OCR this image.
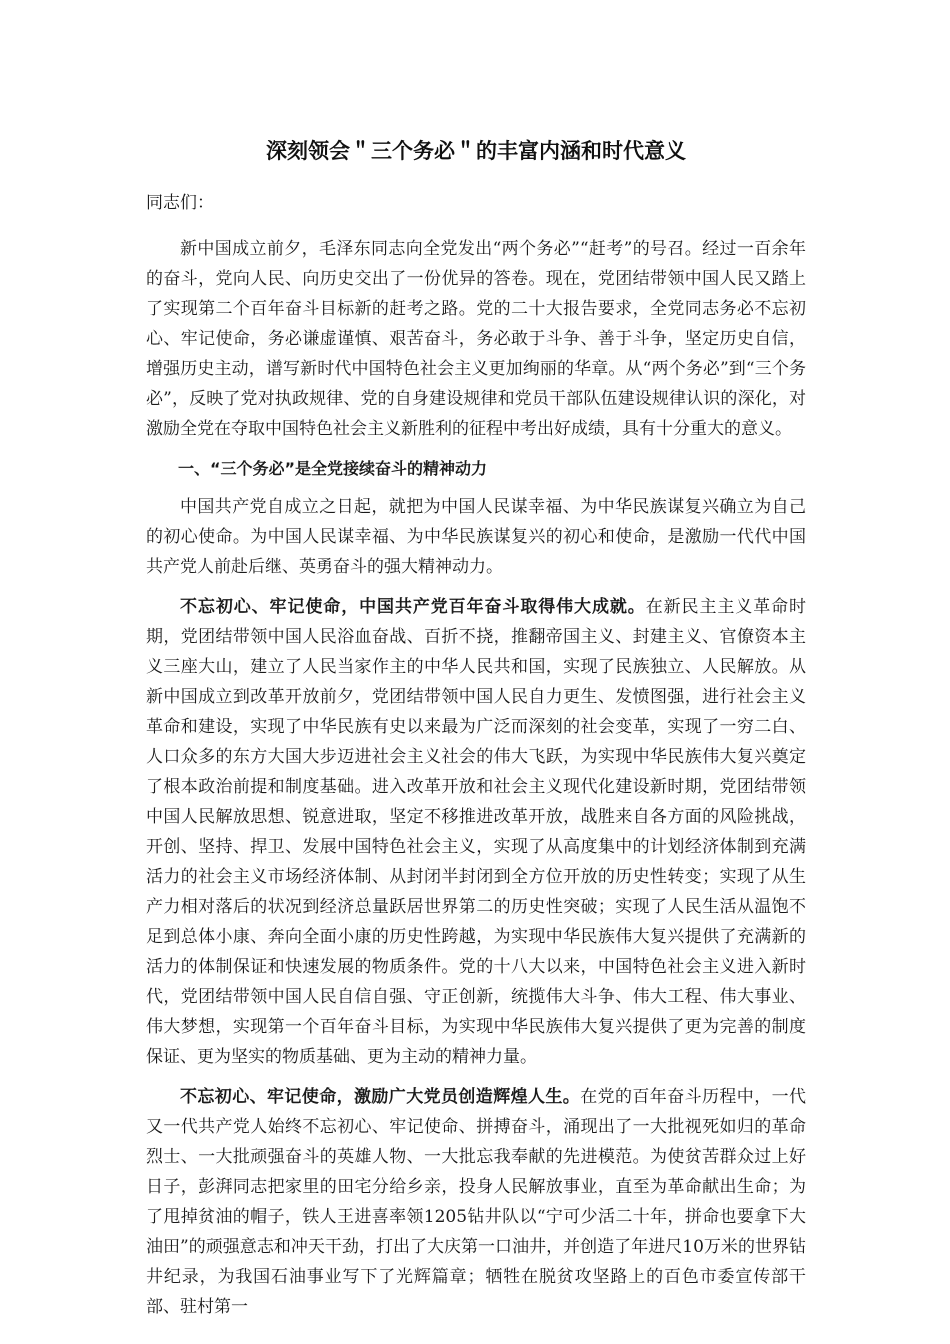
深刻领会＂三个务必＂的丰富内涵和时代意义
同志们：

新中国成立前夕，毛泽东同志向全党发出“两个务必”“赶考”的号召。经过一百余年的奋斗，党向人民、向历史交出了一份优异的答卷。现在，党团结带领中国人民又踏上了实现第二个百年奋斗目标新的赶考之路。党的二十大报告要求，全党同志务必不忘初心、牢记使命，务必谦虚谨慎、艰苦奋斗，务必敢于斗争、善于斗争，坚定历史自信，增强历史主动，谱写新时代中国特色社会主义更加绚丽的华章。从“两个务必”到“三个务必”，反映了党对执政规律、党的自身建设规律和党员干部队伍建设规律认识的深化，对激励全党在夺取中国特色社会主义新胜利的征程中考出好成绩，具有十分重大的意义。

一、“三个务必”是全党接续奋斗的精神动力

中国共产党自成立之日起，就把为中国人民谋幸福、为中华民族谋复兴确立为自己的初心使命。为中国人民谋幸福、为中华民族谋复兴的初心和使命，是激励一代代中国共产党人前赴后继、英勇奋斗的强大精神动力。

不忘初心、牢记使命，中国共产党百年奋斗取得伟大成就。在新民主主义革命时期，党团结带领中国人民浴血奋战、百折不挠，推翻帝国主义、封建主义、官僚资本主义三座大山，建立了人民当家作主的中华人民共和国，实现了民族独立、人民解放。从新中国成立到改革开放前夕，党团结带领中国人民自力更生、发愤图强，进行社会主义革命和建设，实现了中华民族有史以来最为广泛而深刻的社会变革，实现了一穷二白、人口众多的东方大国大步迈进社会主义社会的伟大飞跃，为实现中华民族伟大复兴奠定了根本政治前提和制度基础。进入改革开放和社会主义现代化建设新时期，党团结带领中国人民解放思想、锐意进取，坚定不移推进改革开放，战胜来自各方面的风险挑战，开创、坚持、捍卫、发展中国特色社会主义，实现了从高度集中的计划经济体制到充满活力的社会主义市场经济体制、从封闭半封闭到全方位开放的历史性转变；实现了从生产力相对落后的状况到经济总量跃居世界第二的历史性突破；实现了人民生活从温饱不足到总体小康、奔向全面小康的历史性跨越，为实现中华民族伟大复兴提供了充满新的活力的体制保证和快速发展的物质条件。党的十八大以来，中国特色社会主义进入新时代，党团结带领中国人民自信自强、守正创新，统揽伟大斗争、伟大工程、伟大事业、伟大梦想，实现第一个百年奋斗目标，为实现中华民族伟大复兴提供了更为完善的制度保证、更为坚实的物质基础、更为主动的精神力量。

不忘初心、牢记使命，激励广大党员创造辉煌人生。在党的百年奋斗历程中，一代又一代共产党人始终不忘初心、牢记使命、拼搏奋斗，涌现出了一大批视死如归的革命烈士、一大批顽强奋斗的英雄人物、一大批忘我奉献的先进模范。为使贫苦群众过上好日子，彭湃同志把家里的田宅分给乡亲，投身人民解放事业，直至为革命献出生命；为了甩掉贫油的帽子，铁人王进喜率领1205钻井队以“宁可少活二十年，拼命也要拿下大油田”的顽强意志和冲天干劲，打出了大庆第一口油井，并创造了年进尺10万米的世界钻井纪录，为我国石油事业写下了光辉篇章；牺牲在脱贫攻坚路上的百色市委宣传部干部、驻村第一
